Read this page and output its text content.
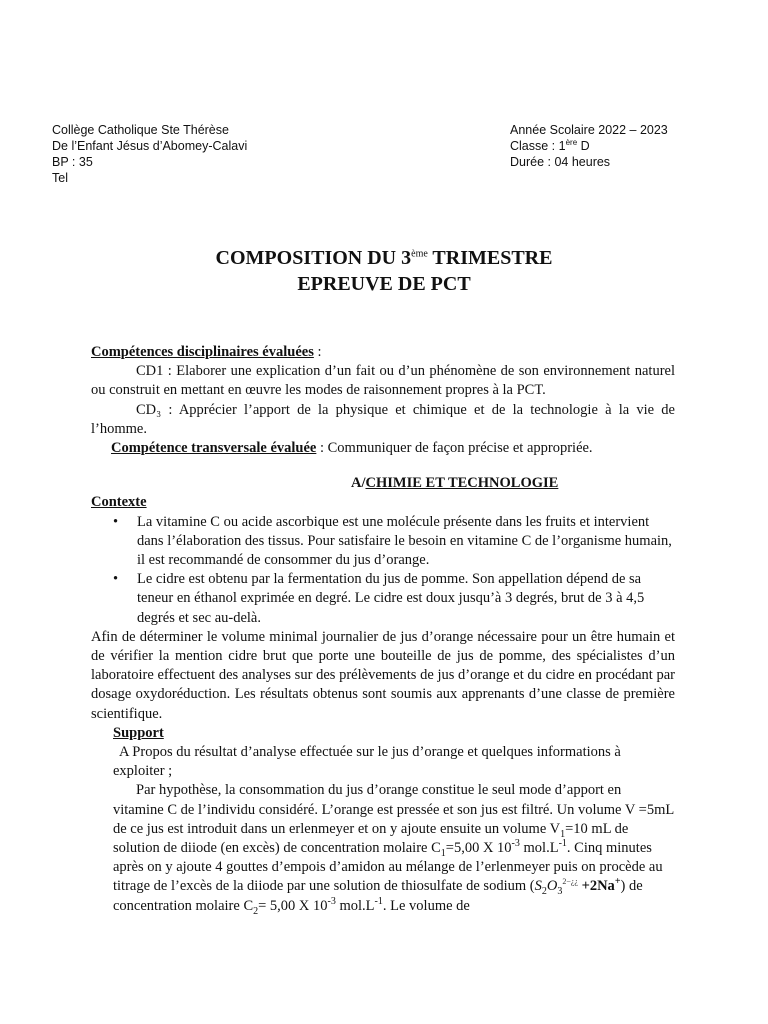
Collège Catholique Ste Thérèse
De l’Enfant Jésus d’Abomey-Calavi
BP : 35
Tel
Année Scolaire 2022 – 2023
Classe : 1ère D
Durée : 04 heures
COMPOSITION DU 3ème TRIMESTRE
EPREUVE DE PCT

Compétences disciplinaires évaluées :

CD1 : Elaborer une explication d’un fait ou d’un phénomène de son environnement naturel ou construit en mettant en œuvre les modes de raisonnement propres à la PCT.

CD₃ : Apprécier l’apport de la physique et chimique et de la technologie à la vie de l’homme.

Compétence transversale évaluée : Communiquer de façon précise et appropriée.

A/CHIMIE ET TECHNOLOGIE

Contexte

• La vitamine C ou acide ascorbique est une molécule présente dans les fruits et intervient dans l’élaboration des tissus. Pour satisfaire le besoin en vitamine C de l’organisme humain, il est recommandé de consommer du jus d’orange.
• Le cidre est obtenu par la fermentation du jus de pomme. Son appellation dépend de sa teneur en éthanol exprimée en degré. Le cidre est doux jusqu’à 3 degrés, brut de 3 à 4,5 degrés et sec au-delà.

Afin de déterminer le volume minimal journalier de jus d’orange nécessaire pour un être humain et de vérifier la mention cidre brut que porte une bouteille de jus de pomme, des spécialistes d’un laboratoire effectuent des analyses sur des prélèvements de jus d’orange et du cidre en procédant par dosage oxydoréduction. Les résultats obtenus sont soumis aux apprenants d’une classe de première scientifique.

Support

A Propos du résultat d’analyse effectuée sur le jus d’orange et quelques informations à exploiter ;

Par hypothèse, la consommation du jus d’orange constitue le seul mode d’apport en vitamine C de l’individu considéré. L’orange est pressée et son jus est filtré. Un volume V =5mL de ce jus est introduit dans un erlenmeyer et on y ajoute ensuite un volume $V_1=10$ mL de solution de diiode (en excès) de concentration molaire $C_1=5,00$ X $10^{-3}$ $mol.L^{-1}$. Cinq minutes après on y ajoute 4 gouttes d’empois d’amidon au mélange de l’erlenmeyer puis on procède au titrage de l’excès de la diiode par une solution de thiosulfate de sodium $(S_2O_3^{2-¿¿} +2Na^+)$ de concentration molaire $C_2= 5,00$ X $10^{-3}$ $mol.L^{-1}$. Le volume de
